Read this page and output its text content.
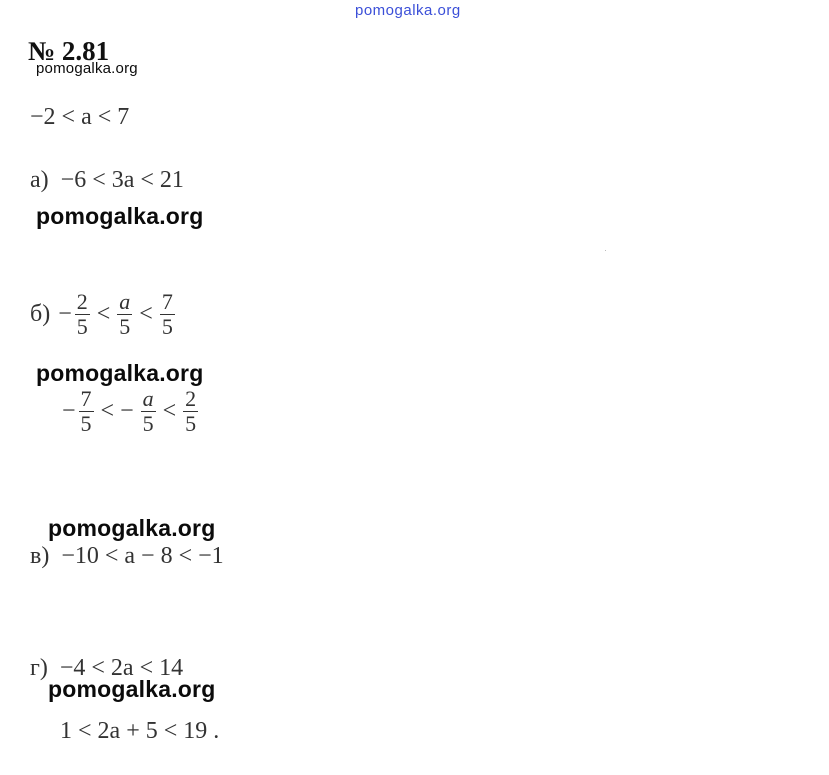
pomogalka.org
№ 2.81
pomogalka.org
−2 < a < 7
а) −6 < 3a < 21
pomogalka.org
$б) - \frac{2}{5} < \frac{a}{5} < \frac{7}{5}$
pomogalka.org
− $\frac{7}{5}$ < − $\frac{a}{5} < \frac{2}{5}$
pomogalka.org
в) −10 < a − 8 < −1
г) −4 < 2a < 14
pomogalka.org
1 < 2a + 5 < 19 .
